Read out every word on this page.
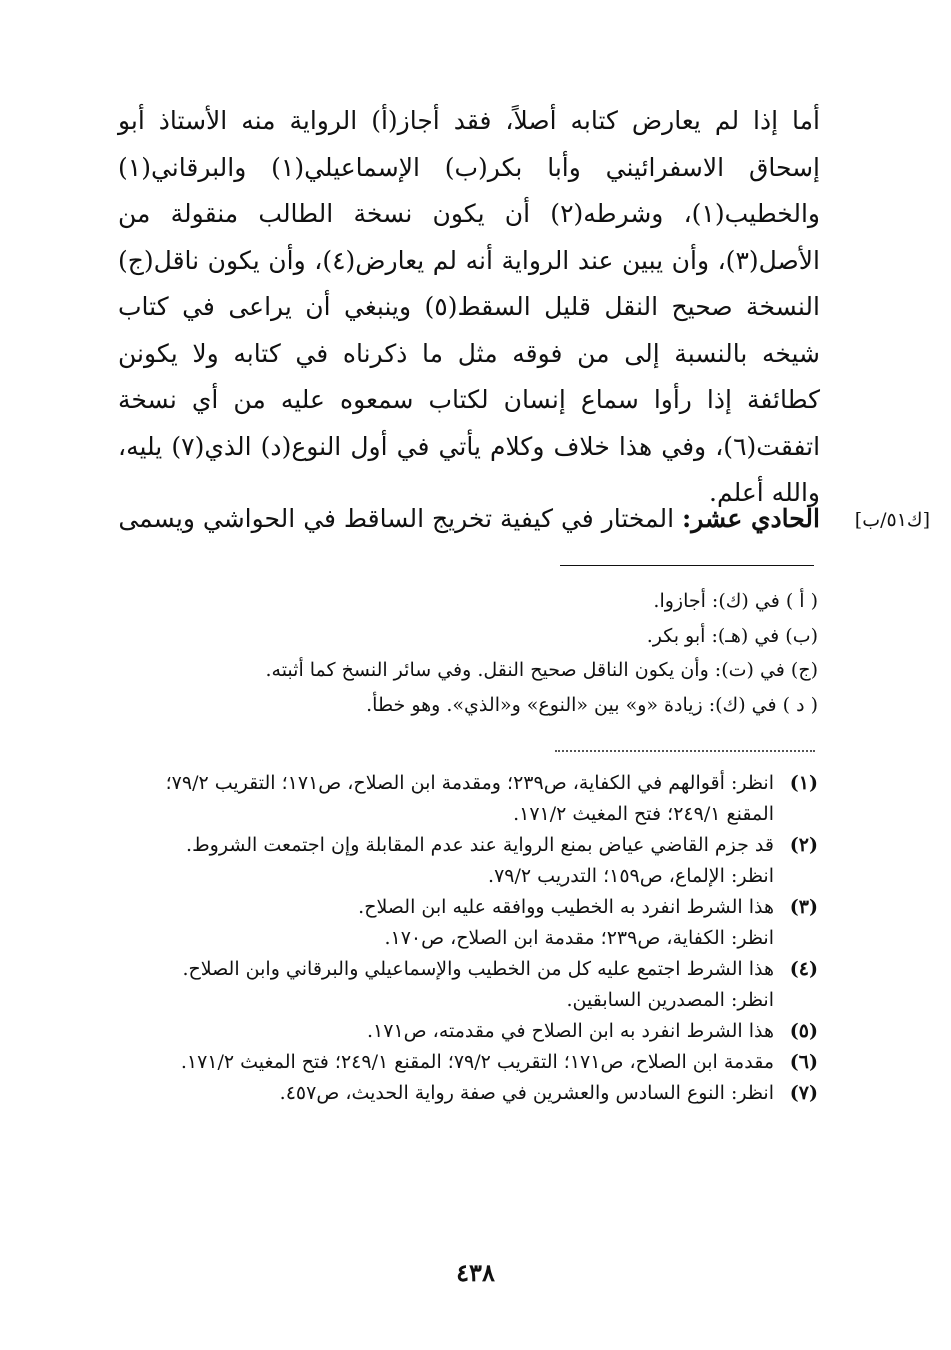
أما إذا لم يعارض كتابه أصلاً، فقد أجاز(أ) الرواية منه الأستاذ أبو إسحاق الاسفرائيني وأبا بكر(ب) الإسماعيلي(١) والبرقاني(١) والخطيب(١)، وشرطه(٢) أن يكون نسخة الطالب منقولة من الأصل(٣)، وأن يبين عند الرواية أنه لم يعارض(٤)، وأن يكون ناقل(ج) النسخة صحيح النقل قليل السقط(٥) وينبغي أن يراعى في كتاب شيخه بالنسبة إلى من فوقه مثل ما ذكرناه في كتابه ولا يكونن كطائفة إذا رأوا سماع إنسان لكتاب سمعوه عليه من أي نسخة اتفقت(٦)، وفي هذا خلاف وكلام يأتي في أول النوع(د) الذي(٧) يليه، والله أعلم.

الحادي عشر: المختار في كيفية تخريج الساقط في الحواشي ويسمى	[ك٥١/ب]

( أ ) في (ك): أجازوا.

(ب) في (هـ): أبو بكر.

(ج) في (ت): وأن يكون الناقل صحيح النقل. وفي سائر النسخ كما أثبته.

( د ) في (ك): زيادة «و» بين «النوع» و«الذي». وهو خطأ.

(١)
انظر: أقوالهم في الكفاية، ص٢٣٩؛ ومقدمة ابن الصلاح، ص١٧١؛ التقريب ٧٩/٢؛ المقنع ٢٤٩/١؛ فتح المغيث ١٧١/٢.

(٢)
قد جزم القاضي عياض بمنع الرواية عند عدم المقابلة وإن اجتمعت الشروط.

انظر: الإلماع، ص١٥٩؛ التدريب ٧٩/٢.

(٣)
هذا الشرط انفرد به الخطيب ووافقه عليه ابن الصلاح.

انظر: الكفاية، ص٢٣٩؛ مقدمة ابن الصلاح، ص١٧٠.

(٤)
هذا الشرط اجتمع عليه كل من الخطيب والإسماعيلي والبرقاني وابن الصلاح.

انظر: المصدرين السابقين.

(٥)
هذا الشرط انفرد به ابن الصلاح في مقدمته، ص١٧١.

(٦)
مقدمة ابن الصلاح، ص١٧١؛ التقريب ٧٩/٢؛ المقنع ٢٤٩/١؛ فتح المغيث ١٧١/٢.

(٧)
انظر: النوع السادس والعشرين في صفة رواية الحديث، ص٤٥٧.

٤٣٨
